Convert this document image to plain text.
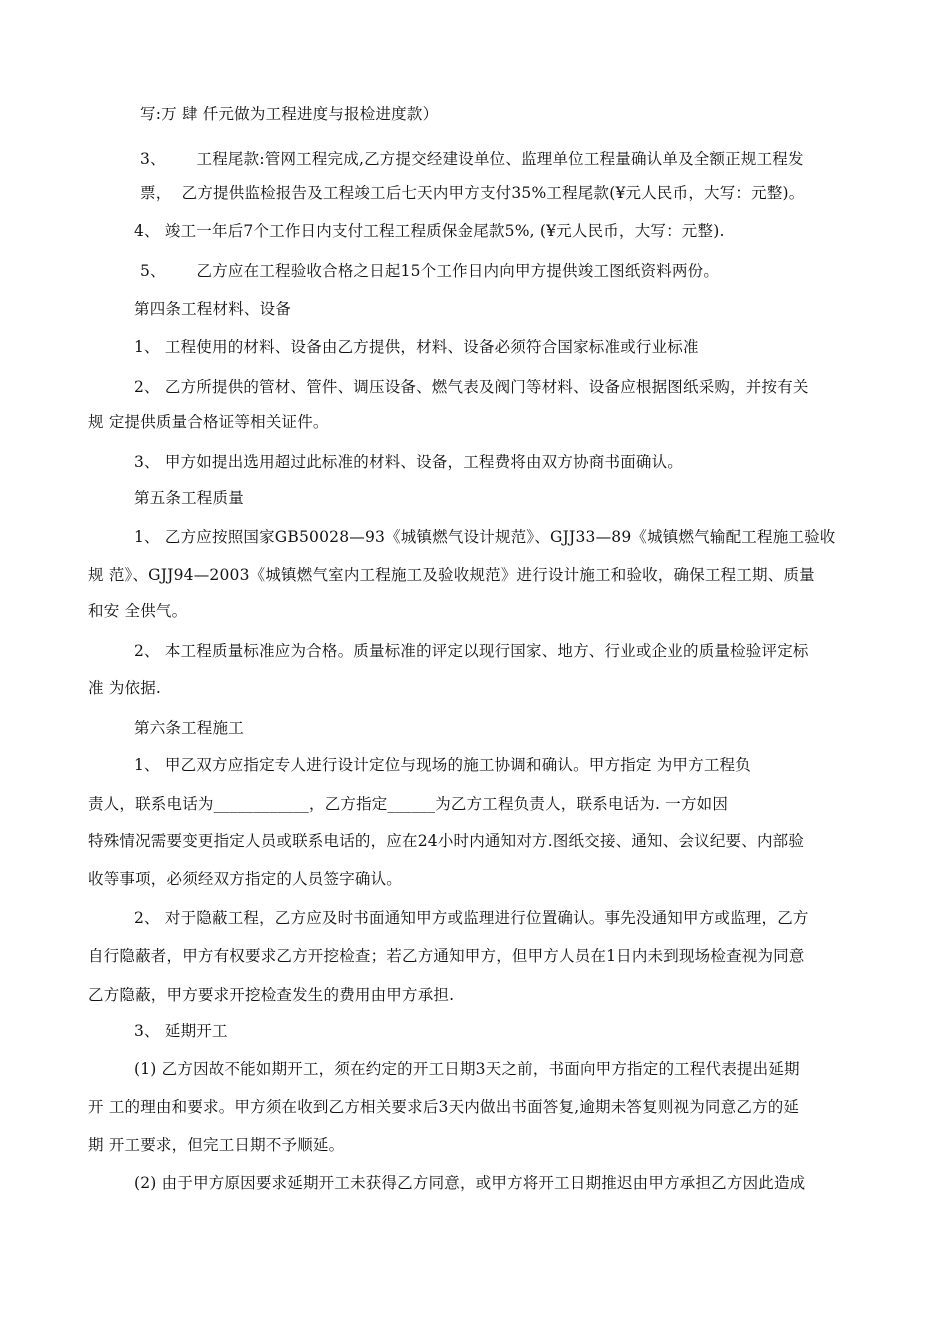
写:万 肆 仟元做为工程进度与报检进度款）
3、      工程尾款:管网工程完成,乙方提交经建设单位、监理单位工程量确认单及全额正规工程发
票，  乙方提供监检报告及工程竣工后七天内甲方支付35%工程尾款(¥元人民币，大写：元整)。
4、 竣工一年后7个工作日内支付工程工程质保金尾款5%, (¥元人民币，大写：元整).
5、      乙方应在工程验收合格之日起15个工作日内向甲方提供竣工图纸资料两份。
第四条工程材料、设备
1、 工程使用的材料、设备由乙方提供，材料、设备必须符合国家标准或行业标准
2、 乙方所提供的管材、管件、调压设备、燃气表及阀门等材料、设备应根据图纸采购，并按有关
规 定提供质量合格证等相关证件。
3、 甲方如提出选用超过此标准的材料、设备，工程费将由双方协商书面确认。
第五条工程质量
1、 乙方应按照国家GB50028—93《城镇燃气设计规范》、GJJ33—89《城镇燃气输配工程施工验收
规 范》、GJJ94—2003《城镇燃气室内工程施工及验收规范》进行设计施工和验收，确保工程工期、质量
和安 全供气。
2、 本工程质量标准应为合格。质量标准的评定以现行国家、地方、行业或企业的质量检验评定标
准 为依据.
第六条工程施工
1、 甲乙双方应指定专人进行设计定位与现场的施工协调和确认。甲方指定 为甲方工程负
责人，联系电话为____________，乙方指定______为乙方工程负责人，联系电话为. 一方如因
特殊情况需要变更指定人员或联系电话的，应在24小时内通知对方.图纸交接、通知、会议纪要、内部验
收等事项，必须经双方指定的人员签字确认。
2、 对于隐蔽工程，乙方应及时书面通知甲方或监理进行位置确认。事先没通知甲方或监理，乙方
自行隐蔽者，甲方有权要求乙方开挖检查；若乙方通知甲方，但甲方人员在1日内未到现场检查视为同意
乙方隐蔽，甲方要求开挖检查发生的费用由甲方承担.
3、 延期开工
(1) 乙方因故不能如期开工，须在约定的开工日期3天之前，书面向甲方指定的工程代表提出延期
开 工的理由和要求。甲方须在收到乙方相关要求后3天内做出书面答复,逾期未答复则视为同意乙方的延
期 开工要求，但完工日期不予顺延。
(2) 由于甲方原因要求延期开工未获得乙方同意，或甲方将开工日期推迟由甲方承担乙方因此造成
